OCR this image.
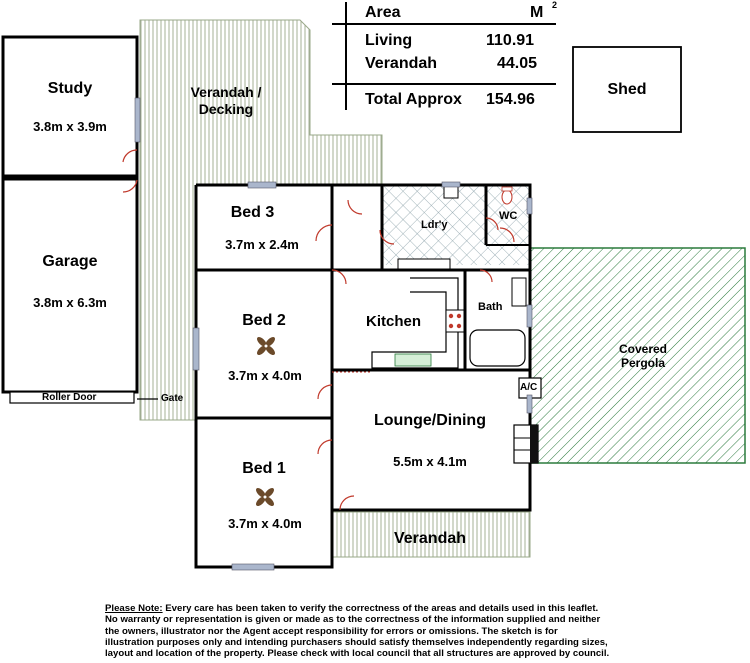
Area	M 2
Living	110.91
Verandah	44.05
Total Approx 154.96
Study
3.8m x 3.9m
Garage
3.8m x 6.3m
Roller Door	Gate
Verandah /
Decking
Bed 3
3.7m x 2.4m
Bed 2
3.7m x 4.0m
Bed 1
3.7m x 4.0m
Ldr'y
WC
Bath
Kitchen
Lounge/Dining
5.5m x 4.1m
Covered
Pergola
A/C
Verandah
Shed
Please Note: Every care has been taken to verify the correctness of the areas and details used in this leaflet.
No warranty or representation is given or made as to the correctness of the information supplied and neither
the owners, illustrator nor the Agent accept responsibility for errors or omissions. The sketch is for
illustration purposes only and intending purchasers should satisfy themselves independently regarding sizes,
layout and location of the property. Please check with local council that all structures are approved by council.
